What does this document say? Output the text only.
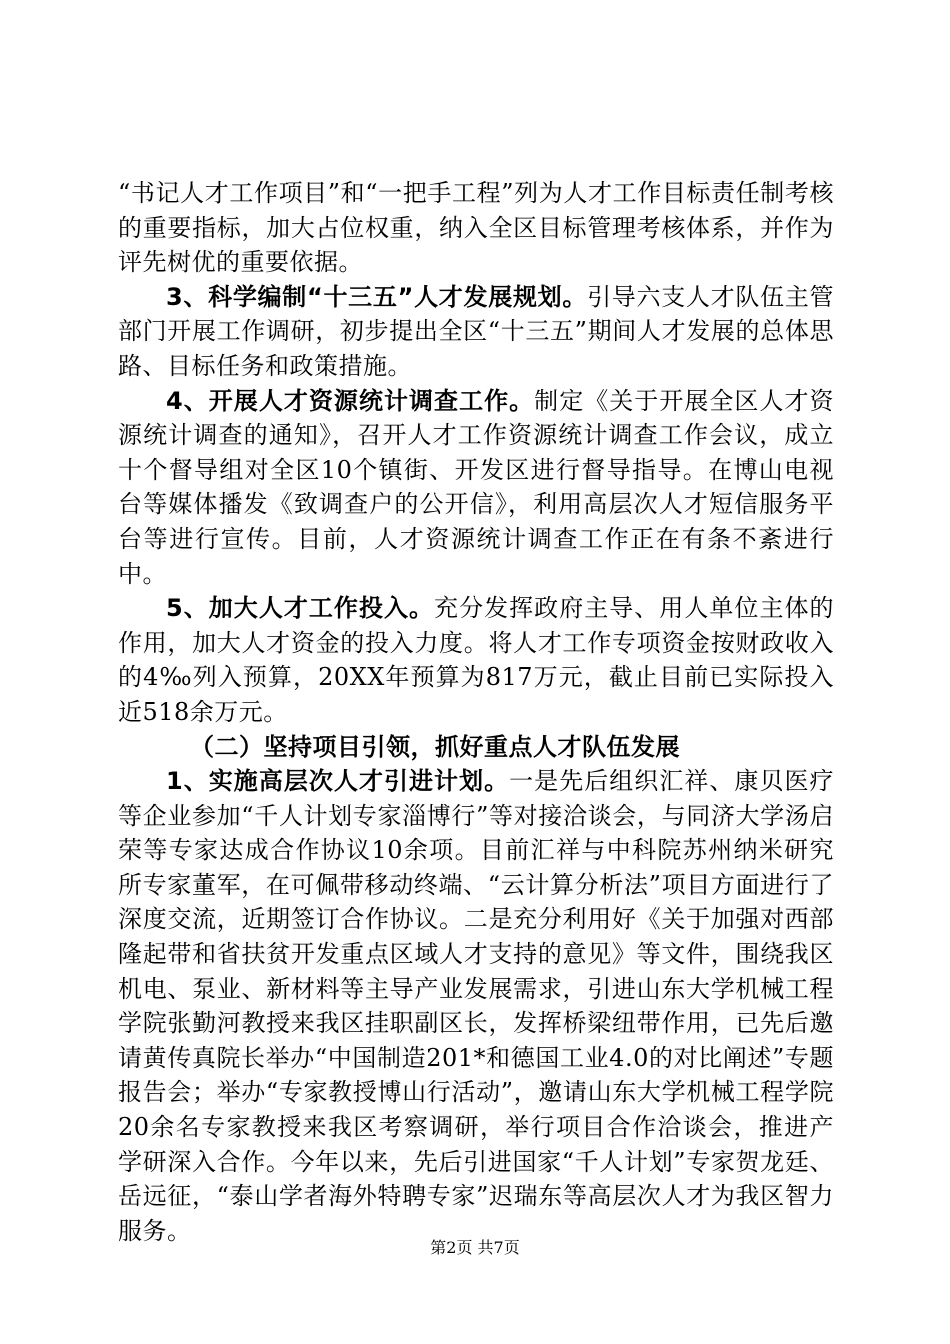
“书记人才工作项目”和“一把手工程”列为人才工作目标责任制考核的重要指标，加大占位权重，纳入全区目标管理考核体系，并作为评先树优的重要依据。

3、科学编制“十三五”人才发展规划。引导六支人才队伍主管部门开展工作调研，初步提出全区“十三五”期间人才发展的总体思路、目标任务和政策措施。

4、开展人才资源统计调查工作。制定《关于开展全区人才资源统计调查的通知》，召开人才工作资源统计调查工作会议，成立十个督导组对全区10个镇街、开发区进行督导指导。在博山电视台等媒体播发《致调查户的公开信》，利用高层次人才短信服务平台等进行宣传。目前，人才资源统计调查工作正在有条不紊进行中。

5、加大人才工作投入。充分发挥政府主导、用人单位主体的作用，加大人才资金的投入力度。将人才工作专项资金按财政收入的4‰列入预算，20XX年预算为817万元，截止目前已实际投入近518余万元。

（二）坚持项目引领，抓好重点人才队伍发展

1、实施高层次人才引进计划。一是先后组织汇祥、康贝医疗等企业参加“千人计划专家淄博行”等对接洽谈会，与同济大学汤启荣等专家达成合作协议10余项。目前汇祥与中科院苏州纳米研究所专家董军，在可佩带移动终端、“云计算分析法”项目方面进行了深度交流，近期签订合作协议。二是充分利用好《关于加强对西部隆起带和省扶贫开发重点区域人才支持的意见》等文件，围绕我区机电、泵业、新材料等主导产业发展需求，引进山东大学机械工程学院张勤河教授来我区挂职副区长，发挥桥梁纽带作用，已先后邀请黄传真院长举办“中国制造201*和德国工业4.0的对比阐述”专题报告会；举办“专家教授博山行活动”，邀请山东大学机械工程学院20余名专家教授来我区考察调研，举行项目合作洽谈会，推进产学研深入合作。今年以来，先后引进国家“千人计划”专家贺龙廷、岳远征，“泰山学者海外特聘专家”迟瑞东等高层次人才为我区智力服务。

第2页 共7页
